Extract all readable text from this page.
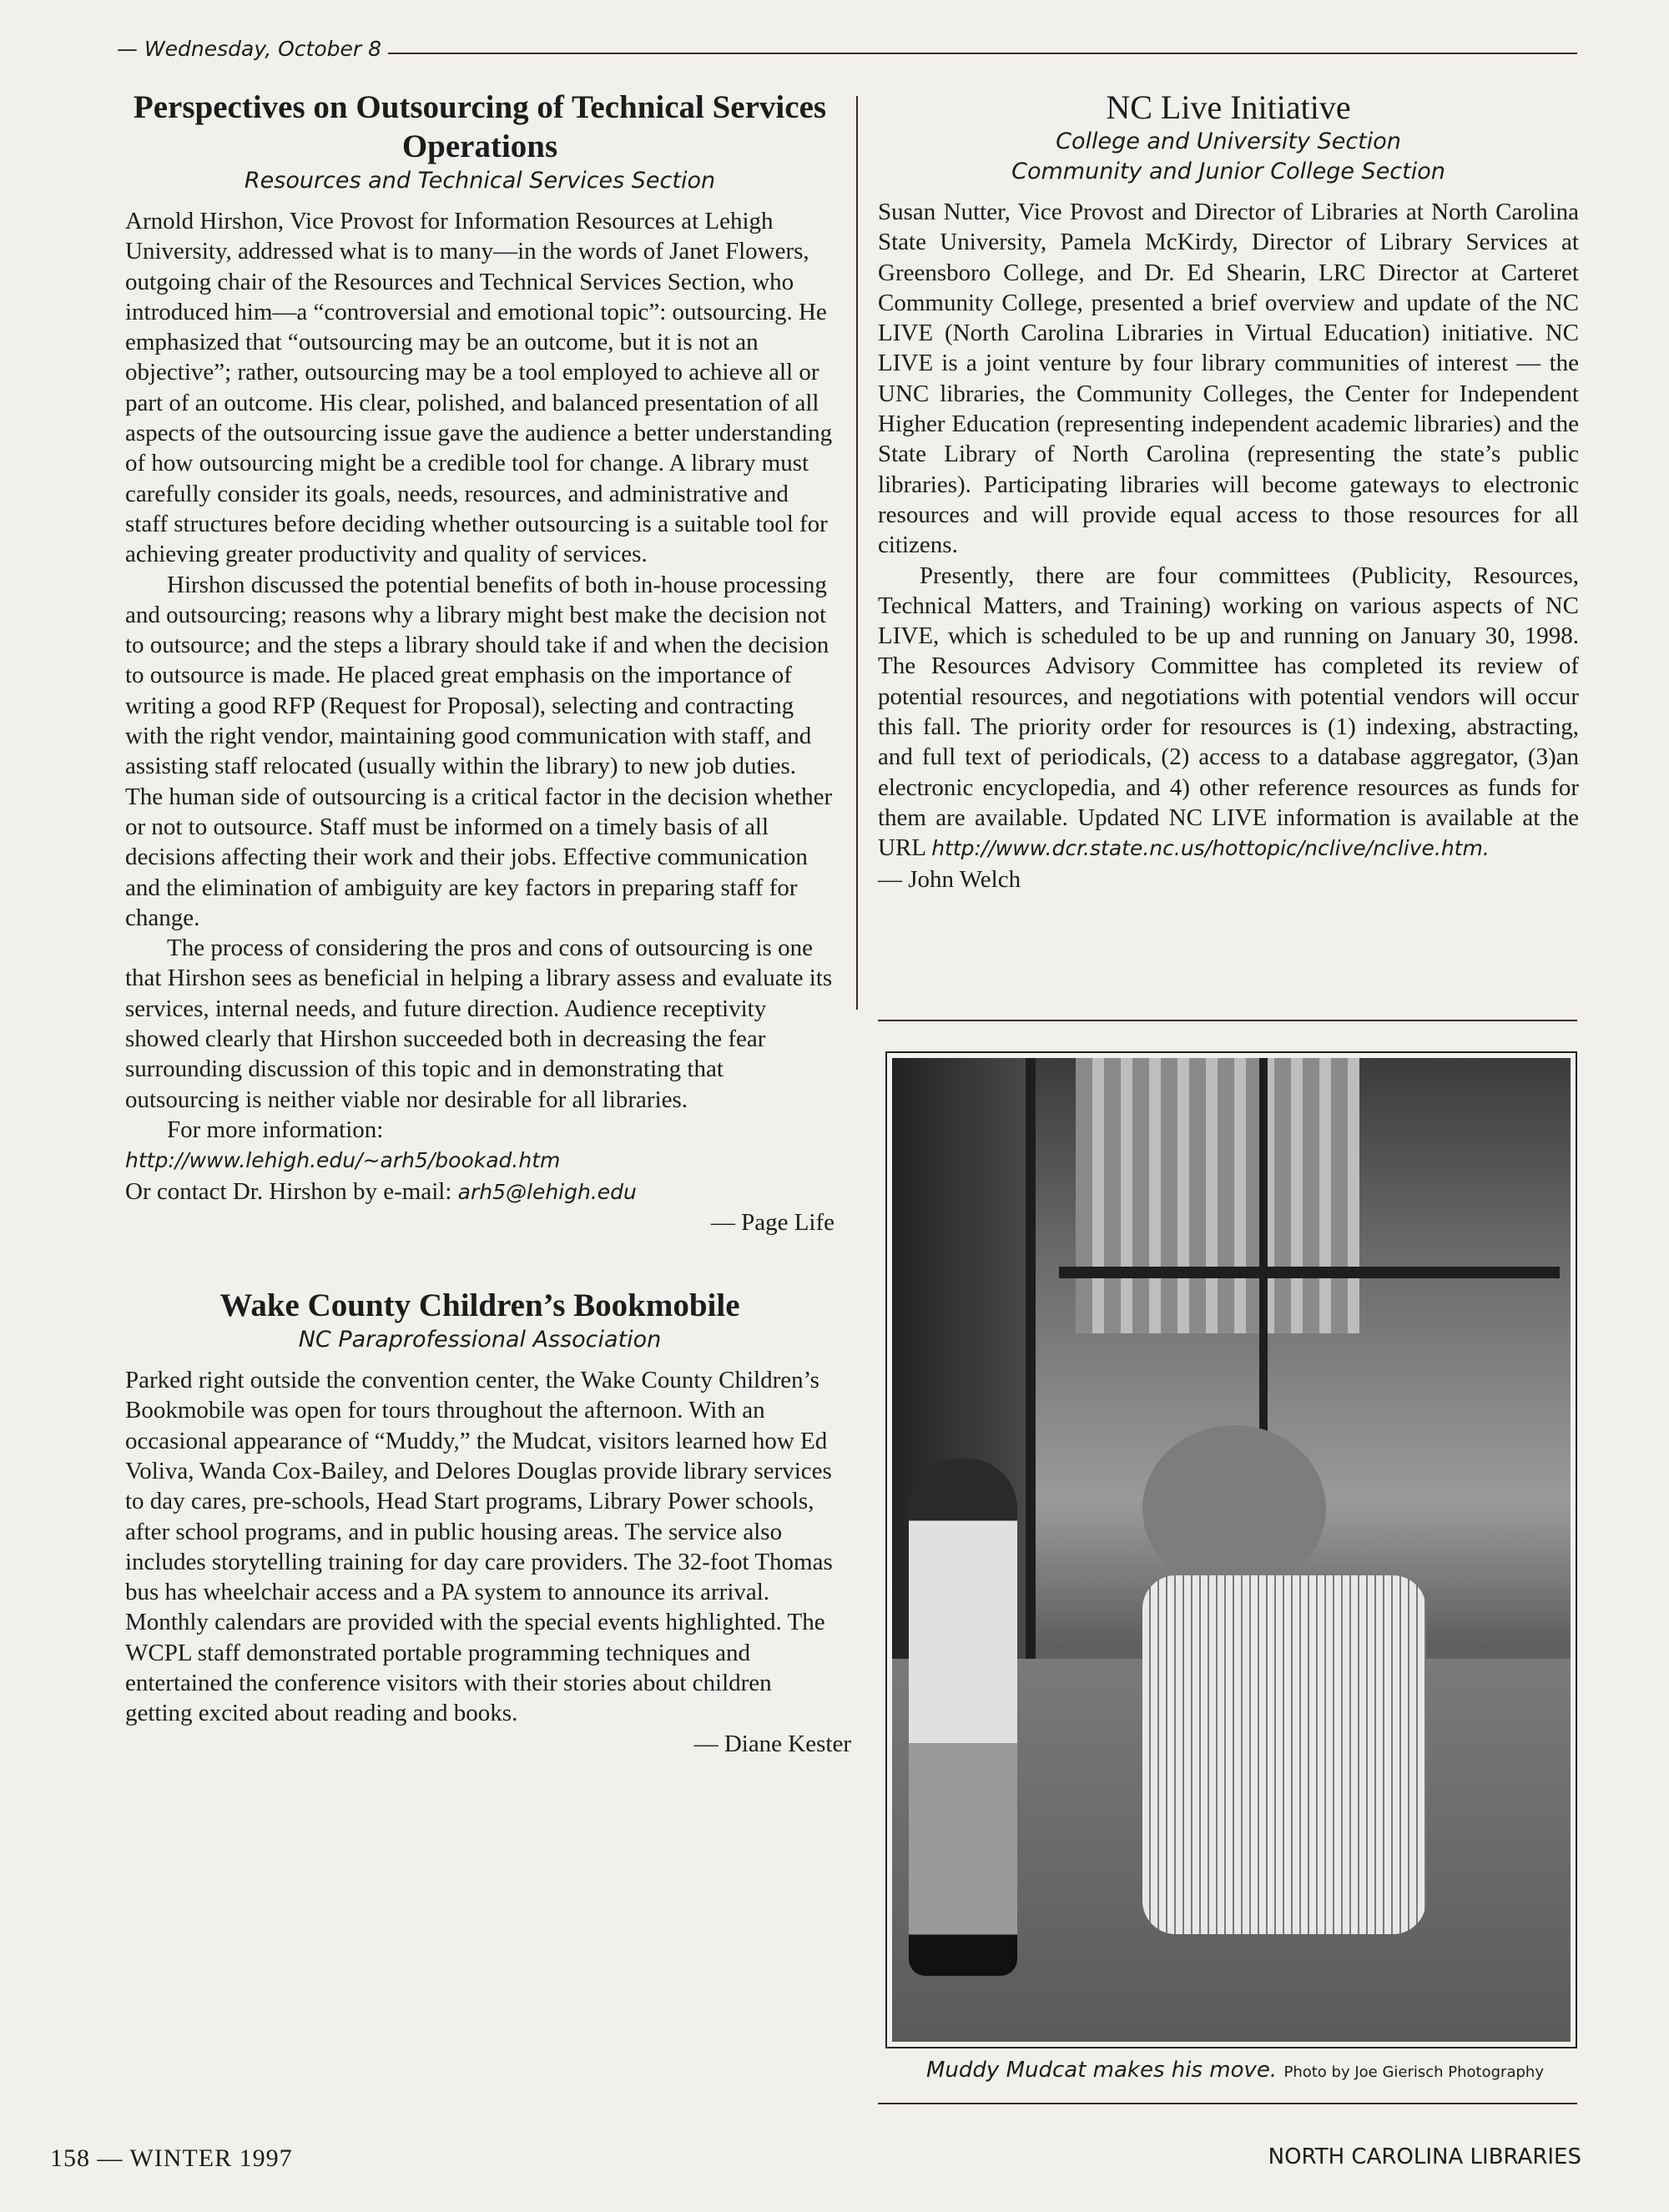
— Wednesday, October 8
Perspectives on Outsourcing of Technical Services Operations
Resources and Technical Services Section

Arnold Hirshon, Vice Provost for Information Resources at Lehigh University, addressed what is to many—in the words of Janet Flowers, outgoing chair of the Resources and Technical Services Section, who introduced him—a “controversial and emotional topic”: outsourcing. He emphasized that “outsourcing may be an outcome, but it is not an objective”; rather, outsourcing may be a tool employed to achieve all or part of an outcome. His clear, polished, and balanced presentation of all aspects of the outsourcing issue gave the audience a better understanding of how outsourcing might be a credible tool for change. A library must carefully consider its goals, needs, resources, and administrative and staff structures before deciding whether outsourcing is a suitable tool for achieving greater productivity and quality of services.

Hirshon discussed the potential benefits of both in-house processing and outsourcing; reasons why a library might best make the decision not to outsource; and the steps a library should take if and when the decision to outsource is made. He placed great emphasis on the importance of writing a good RFP (Request for Proposal), selecting and contracting with the right vendor, maintaining good communication with staff, and assisting staff relocated (usually within the library) to new job duties. The human side of outsourcing is a critical factor in the decision whether or not to outsource. Staff must be informed on a timely basis of all decisions affecting their work and their jobs. Effective communication and the elimination of ambiguity are key factors in preparing staff for change.

The process of considering the pros and cons of outsourcing is one that Hirshon sees as beneficial in helping a library assess and evaluate its services, internal needs, and future direction. Audience receptivity showed clearly that Hirshon succeeded both in decreasing the fear surrounding discussion of this topic and in demonstrating that outsourcing is neither viable nor desirable for all libraries.

For more information:

http://www.lehigh.edu/~arh5/bookad.htm

Or contact Dr. Hirshon by e-mail: arh5@lehigh.edu

— Page Life

Wake County Children’s Bookmobile
NC Paraprofessional Association

Parked right outside the convention center, the Wake County Children’s Bookmobile was open for tours throughout the afternoon. With an occasional appearance of “Muddy,” the Mudcat, visitors learned how Ed Voliva, Wanda Cox-Bailey, and Delores Douglas provide library services to day cares, pre-schools, Head Start programs, Library Power schools, after school programs, and in public housing areas. The service also includes storytelling training for day care providers. The 32-foot Thomas bus has wheelchair access and a PA system to announce its arrival. Monthly calendars are provided with the special events highlighted. The WCPL staff demonstrated portable programming techniques and entertained the conference visitors with their stories about children getting excited about reading and books.

— Diane Kester

NC Live Initiative
College and University Section
Community and Junior College Section

Susan Nutter, Vice Provost and Director of Libraries at North Carolina State University, Pamela McKirdy, Director of Library Services at Greensboro College, and Dr. Ed Shearin, LRC Director at Carteret Community College, presented a brief overview and update of the NC LIVE (North Carolina Libraries in Virtual Education) initiative. NC LIVE is a joint venture by four library communities of interest — the UNC libraries, the Community Colleges, the Center for Independent Higher Education (representing independent academic libraries) and the State Library of North Carolina (representing the state’s public libraries). Participating libraries will become gateways to electronic resources and will provide equal access to those resources for all citizens.

Presently, there are four committees (Publicity, Resources, Technical Matters, and Training) working on various aspects of NC LIVE, which is scheduled to be up and running on January 30, 1998. The Resources Advisory Committee has completed its review of potential resources, and negotiations with potential vendors will occur this fall. The priority order for resources is (1) indexing, abstracting, and full text of periodicals, (2) access to a database aggregator, (3)an electronic encyclopedia, and 4) other reference resources as funds for them are available. Updated NC LIVE information is available at the URL http://www.dcr.state.nc.us/hottopic/nclive/nclive.htm.

— John Welch

Muddy Mudcat makes his move. Photo by Joe Gierisch Photography
158 — WINTER 1997	NORTH CAROLINA LIBRARIES
